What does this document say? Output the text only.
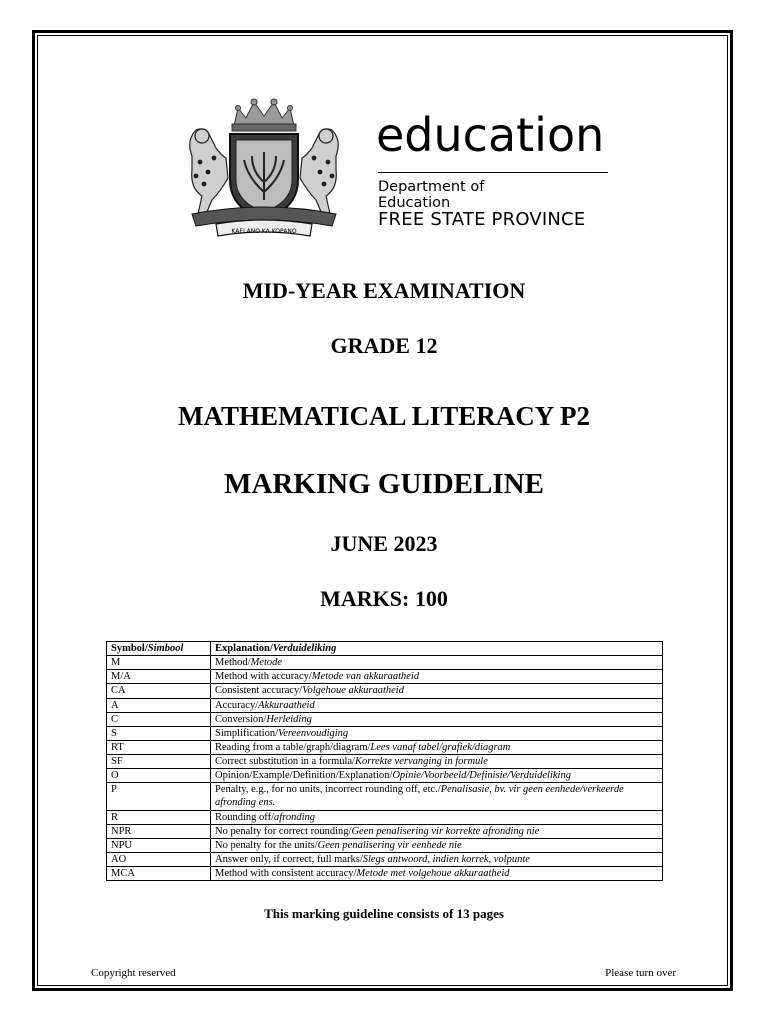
KAELANO KA KOPANO
education
Department of
Education
FREE STATE PROVINCE
MID-YEAR EXAMINATION
GRADE 12
MATHEMATICAL LITERACY P2
MARKING GUIDELINE
JUNE 2023
MARKS: 100
Symbol/Simbool	Explanation/Verduideliking
M	Method/Metode
M/A	Method with accuracy/Metode van akkuraatheid
CA	Consistent accuracy/Volgehoue akkuraatheid
A	Accuracy/Akkuraatheid
C	Conversion/Herleiding
S	Simplification/Vereenvoudiging
RT	Reading from a table/graph/diagram/Lees vanaf tabel/grafiek/diagram
SF	Correct substitution in a formula/Korrekte vervanging in formule
O	Opinion/Example/Definition/Explanation/Opinie/Voorbeeld/Definisie/Verduideliking
P	Penalty, e.g., for no units, incorrect rounding off, etc./Penalisasie, bv. vir geen eenhede/verkeerde afronding ens.
R	Rounding off/afronding
NPR	No penalty for correct rounding/Geen penalisering vir korrekte afronding nie
NPU	No penalty for the units/Geen penalisering vir eenhede nie
AO	Answer only, if correct, full marks/Slegs antwoord, indien korrek, volpunte
MCA	Method with consistent accuracy/Metode met volgehoue akkuraatheid
This marking guideline consists of 13 pages
Copyright reserved	Please turn over
